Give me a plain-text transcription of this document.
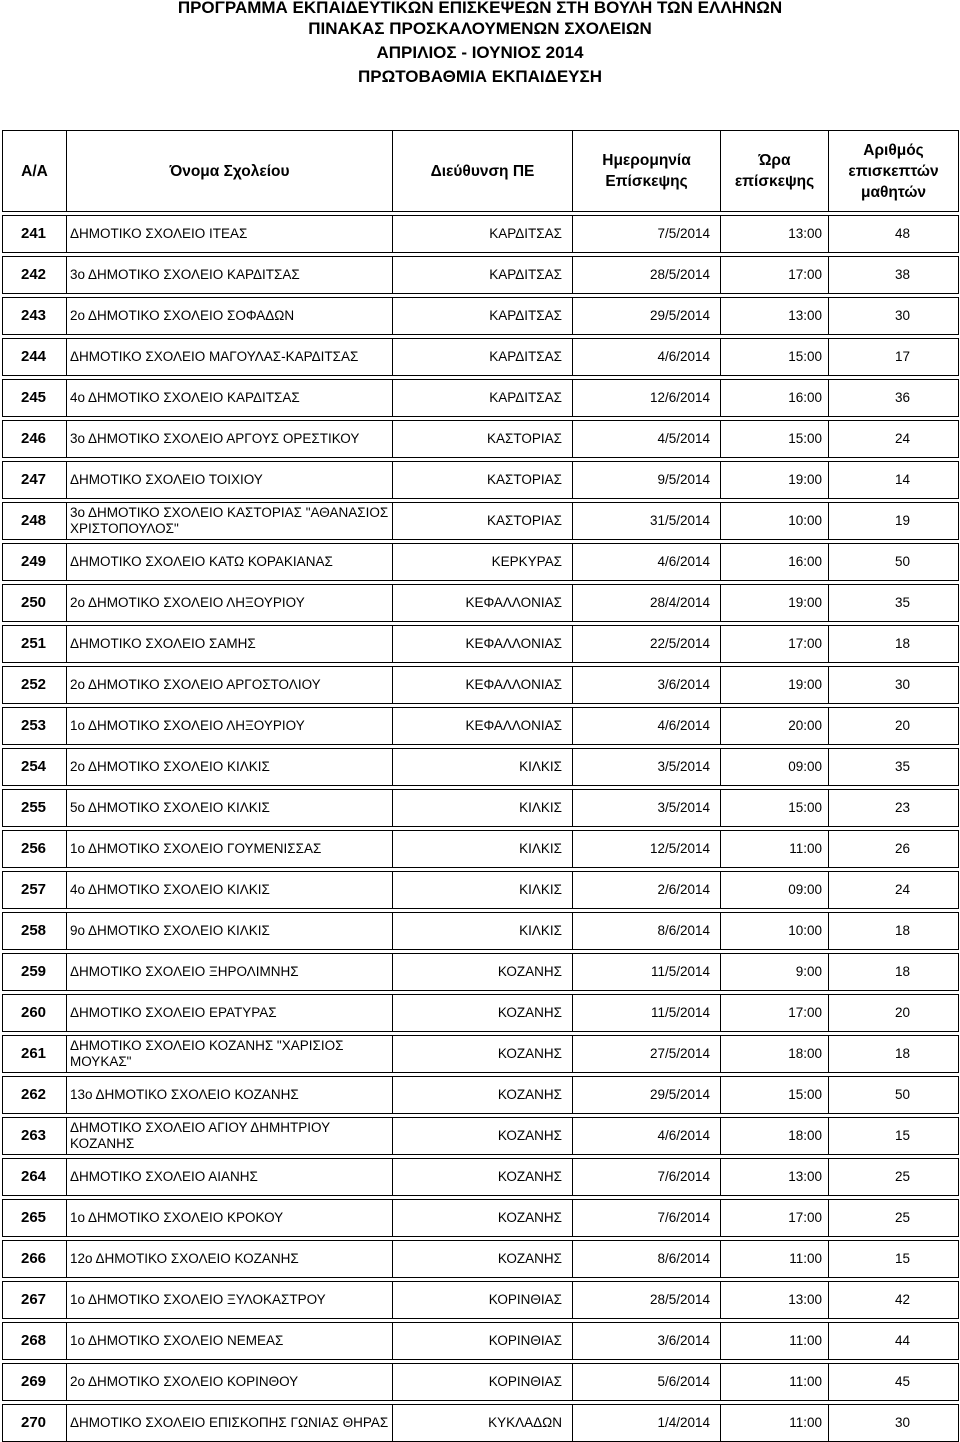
ΠΡΟΓΡΑΜΜΑ ΕΚΠΑΙΔΕΥΤΙΚΩΝ ΕΠΙΣΚΕΨΕΩΝ ΣΤΗ ΒΟΥΛΗ ΤΩΝ ΕΛΛΗΝΩΝ
ΠΙΝΑΚΑΣ ΠΡΟΣΚΑΛΟΥΜΕΝΩΝ ΣΧΟΛΕΙΩΝ
ΑΠΡΙΛΙΟΣ - ΙΟΥΝΙΟΣ 2014
ΠΡΩΤΟΒΑΘΜΙΑ ΕΚΠΑΙΔΕΥΣΗ
Α/Α	Όνομα Σχολείου	Διεύθυνση ΠΕ	Ημερομηνία Επίσκεψης	Ώρα επίσκεψης	Αριθμός επισκεπτών μαθητών

241	ΔΗΜΟΤΙΚΟ ΣΧΟΛΕΙΟ ΙΤΕΑΣ	ΚΑΡΔΙΤΣΑΣ	7/5/2014	13:00	48

242	3ο ΔΗΜΟΤΙΚΟ ΣΧΟΛΕΙΟ ΚΑΡΔΙΤΣΑΣ	ΚΑΡΔΙΤΣΑΣ	28/5/2014	17:00	38

243	2ο ΔΗΜΟΤΙΚΟ ΣΧΟΛΕΙΟ ΣΟΦΑΔΩΝ	ΚΑΡΔΙΤΣΑΣ	29/5/2014	13:00	30

244	ΔΗΜΟΤΙΚΟ ΣΧΟΛΕΙΟ ΜΑΓΟΥΛΑΣ-ΚΑΡΔΙΤΣΑΣ	ΚΑΡΔΙΤΣΑΣ	4/6/2014	15:00	17

245	4ο ΔΗΜΟΤΙΚΟ ΣΧΟΛΕΙΟ ΚΑΡΔΙΤΣΑΣ	ΚΑΡΔΙΤΣΑΣ	12/6/2014	16:00	36

246	3ο ΔΗΜΟΤΙΚΟ ΣΧΟΛΕΙΟ ΑΡΓΟΥΣ ΟΡΕΣΤΙΚΟΥ	ΚΑΣΤΟΡΙΑΣ	4/5/2014	15:00	24

247	ΔΗΜΟΤΙΚΟ ΣΧΟΛΕΙΟ ΤΟΙΧΙΟΥ	ΚΑΣΤΟΡΙΑΣ	9/5/2014	19:00	14

248	3ο ΔΗΜΟΤΙΚΟ ΣΧΟΛΕΙΟ ΚΑΣΤΟΡΙΑΣ "ΑΘΑΝΑΣΙΟΣ ΧΡΙΣΤΟΠΟΥΛΟΣ"	ΚΑΣΤΟΡΙΑΣ	31/5/2014	10:00	19

249	ΔΗΜΟΤΙΚΟ ΣΧΟΛΕΙΟ ΚΑΤΩ ΚΟΡΑΚΙΑΝΑΣ	ΚΕΡΚΥΡΑΣ	4/6/2014	16:00	50

250	2ο ΔΗΜΟΤΙΚΟ ΣΧΟΛΕΙΟ ΛΗΞΟΥΡΙΟΥ	ΚΕΦΑΛΛΟΝΙΑΣ	28/4/2014	19:00	35

251	ΔΗΜΟΤΙΚΟ ΣΧΟΛΕΙΟ ΣΑΜΗΣ	ΚΕΦΑΛΛΟΝΙΑΣ	22/5/2014	17:00	18

252	2ο ΔΗΜΟΤΙΚΟ ΣΧΟΛΕΙΟ ΑΡΓΟΣΤΟΛΙΟΥ	ΚΕΦΑΛΛΟΝΙΑΣ	3/6/2014	19:00	30

253	1ο ΔΗΜΟΤΙΚΟ ΣΧΟΛΕΙΟ ΛΗΞΟΥΡΙΟΥ	ΚΕΦΑΛΛΟΝΙΑΣ	4/6/2014	20:00	20

254	2ο ΔΗΜΟΤΙΚΟ ΣΧΟΛΕΙΟ ΚΙΛΚΙΣ	ΚΙΛΚΙΣ	3/5/2014	09:00	35

255	5ο ΔΗΜΟΤΙΚΟ ΣΧΟΛΕΙΟ ΚΙΛΚΙΣ	ΚΙΛΚΙΣ	3/5/2014	15:00	23

256	1ο ΔΗΜΟΤΙΚΟ ΣΧΟΛΕΙΟ ΓΟΥΜΕΝΙΣΣΑΣ	ΚΙΛΚΙΣ	12/5/2014	11:00	26

257	4ο ΔΗΜΟΤΙΚΟ ΣΧΟΛΕΙΟ ΚΙΛΚΙΣ	ΚΙΛΚΙΣ	2/6/2014	09:00	24

258	9ο ΔΗΜΟΤΙΚΟ ΣΧΟΛΕΙΟ ΚΙΛΚΙΣ	ΚΙΛΚΙΣ	8/6/2014	10:00	18

259	ΔΗΜΟΤΙΚΟ ΣΧΟΛΕΙΟ ΞΗΡΟΛΙΜΝΗΣ	ΚΟΖΑΝΗΣ	11/5/2014	9:00	18

260	ΔΗΜΟΤΙΚΟ ΣΧΟΛΕΙΟ ΕΡΑΤΥΡΑΣ	ΚΟΖΑΝΗΣ	11/5/2014	17:00	20

261	ΔΗΜΟΤΙΚΟ ΣΧΟΛΕΙΟ ΚΟΖΑΝΗΣ "ΧΑΡΙΣΙΟΣ ΜΟΥΚΑΣ"	ΚΟΖΑΝΗΣ	27/5/2014	18:00	18

262	13ο ΔΗΜΟΤΙΚΟ ΣΧΟΛΕΙΟ ΚΟΖΑΝΗΣ	ΚΟΖΑΝΗΣ	29/5/2014	15:00	50

263	ΔΗΜΟΤΙΚΟ ΣΧΟΛΕΙΟ ΑΓΙΟΥ ΔΗΜΗΤΡΙΟΥ ΚΟΖΑΝΗΣ	ΚΟΖΑΝΗΣ	4/6/2014	18:00	15

264	ΔΗΜΟΤΙΚΟ ΣΧΟΛΕΙΟ ΑΙΑΝΗΣ	ΚΟΖΑΝΗΣ	7/6/2014	13:00	25

265	1ο ΔΗΜΟΤΙΚΟ ΣΧΟΛΕΙΟ ΚΡΟΚΟΥ	ΚΟΖΑΝΗΣ	7/6/2014	17:00	25

266	12ο ΔΗΜΟΤΙΚΟ ΣΧΟΛΕΙΟ ΚΟΖΑΝΗΣ	ΚΟΖΑΝΗΣ	8/6/2014	11:00	15

267	1ο ΔΗΜΟΤΙΚΟ ΣΧΟΛΕΙΟ ΞΥΛΟΚΑΣΤΡΟΥ	ΚΟΡΙΝΘΙΑΣ	28/5/2014	13:00	42

268	1ο ΔΗΜΟΤΙΚΟ ΣΧΟΛΕΙΟ ΝΕΜΕΑΣ	ΚΟΡΙΝΘΙΑΣ	3/6/2014	11:00	44

269	2ο ΔΗΜΟΤΙΚΟ ΣΧΟΛΕΙΟ ΚΟΡΙΝΘΟΥ	ΚΟΡΙΝΘΙΑΣ	5/6/2014	11:00	45

270	ΔΗΜΟΤΙΚΟ ΣΧΟΛΕΙΟ ΕΠΙΣΚΟΠΗΣ ΓΩΝΙΑΣ ΘΗΡΑΣ	ΚΥΚΛΑΔΩΝ	1/4/2014	11:00	30
